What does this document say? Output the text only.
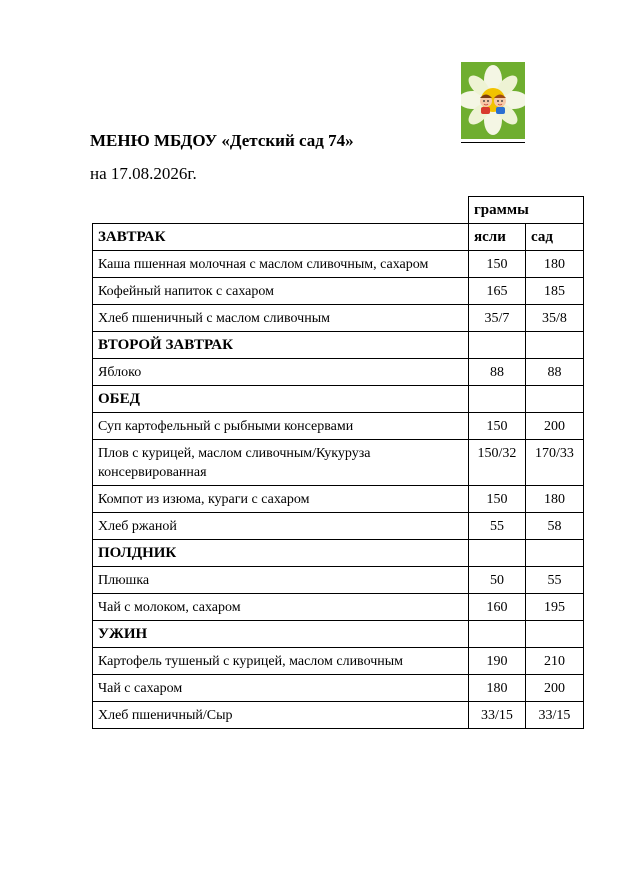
МЕНЮ МБДОУ «Детский сад 74»
на 17.08.2026г.
	граммы	
ЗАВТРАК	ясли	сад
Каша пшенная молочная с маслом сливочным, сахаром	150	180
Кофейный напиток с сахаром	165	185
Хлеб пшеничный с маслом сливочным	35/7	35/8
ВТОРОЙ ЗАВТРАК		
Яблоко	88	88
ОБЕД		
Суп картофельный с рыбными консервами	150	200
Плов с курицей, маслом сливочным/Кукуруза консервированная	150/32	170/33
Компот из изюма, кураги с сахаром	150	180
Хлеб ржаной	55	58
ПОЛДНИК		
Плюшка	50	55
Чай с молоком, сахаром	160	195
УЖИН		
Картофель тушеный с курицей, маслом сливочным	190	210
Чай с сахаром	180	200
Хлеб пшеничный/Сыр	33/15	33/15
